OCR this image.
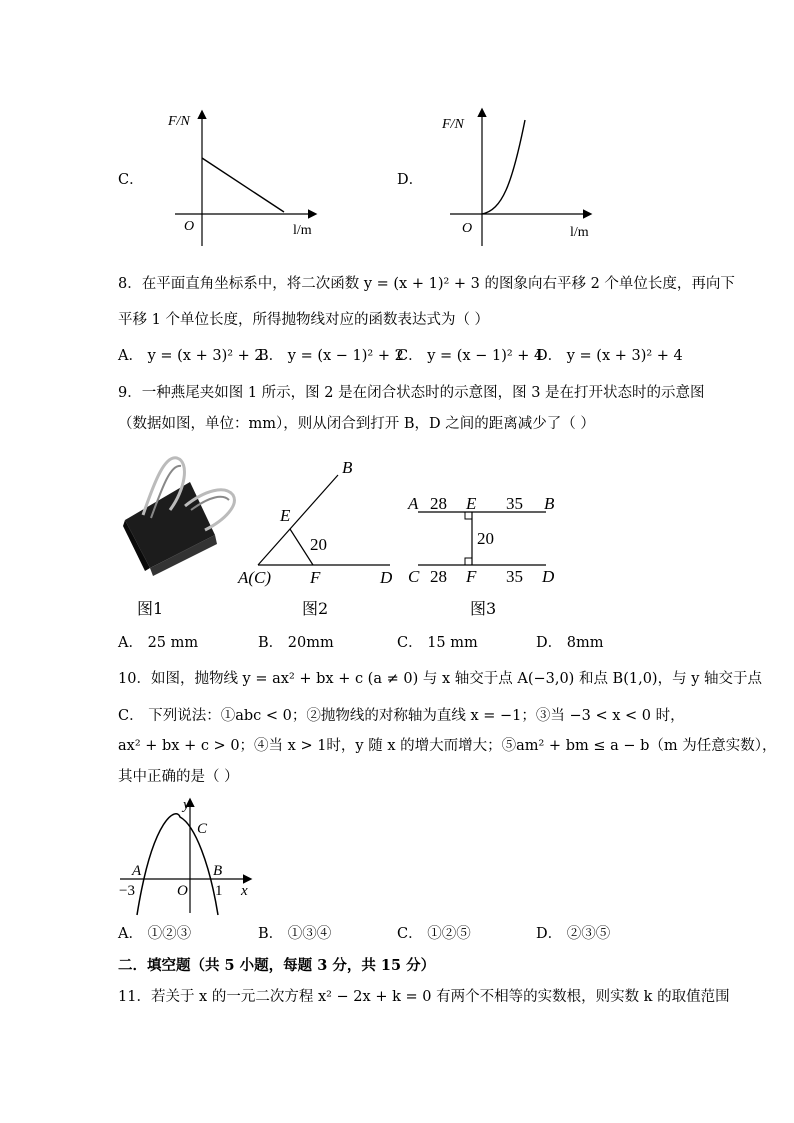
C．
F/N
O	l/m
D．
F/N
O	l/m
8．在平面直角坐标系中，将二次函数 y = (x + 1)² + 3 的图象向右平移 2 个单位长度，再向下
平移 1 个单位长度，所得抛物线对应的函数表达式为（ ）
A． y = (x + 3)² + 2
B． y = (x − 1)² + 2
C． y = (x − 1)² + 4
D． y = (x + 3)² + 4
9．一种燕尾夹如图 1 所示，图 2 是在闭合状态时的示意图，图 3 是在打开状态时的示意图
（数据如图，单位：mm），则从闭合到打开 B，D 之间的距离减少了（ ）
B
E
20
A(C) F	D
A 28 E 35 B
20
C 28 F 35 D
图1	图2	图3
A． 25 mm	B． 20mm	C． 15 mm	D． 8mm
10．如图，抛物线 y = ax² + bx + c (a ≠ 0) 与 x 轴交于点 A(−3,0) 和点 B(1,0)，与 y 轴交于点
C． 下列说法：①abc < 0；②抛物线的对称轴为直线 x = −1；③当 −3 < x < 0 时，
ax² + bx + c > 0；④当 x > 1时，y 随 x 的增大而增大；⑤am² + bm ≤ a − b（m 为任意实数），
其中正确的是（ ）
y
C
A	B
−3	O 1 x
A． ①②③	B． ①③④	C． ①②⑤	D． ②③⑤
二．填空题（共 5 小题，每题 3 分，共 15 分）
11．若关于 x 的一元二次方程 x² − 2x + k = 0 有两个不相等的实数根，则实数 k 的取值范围
